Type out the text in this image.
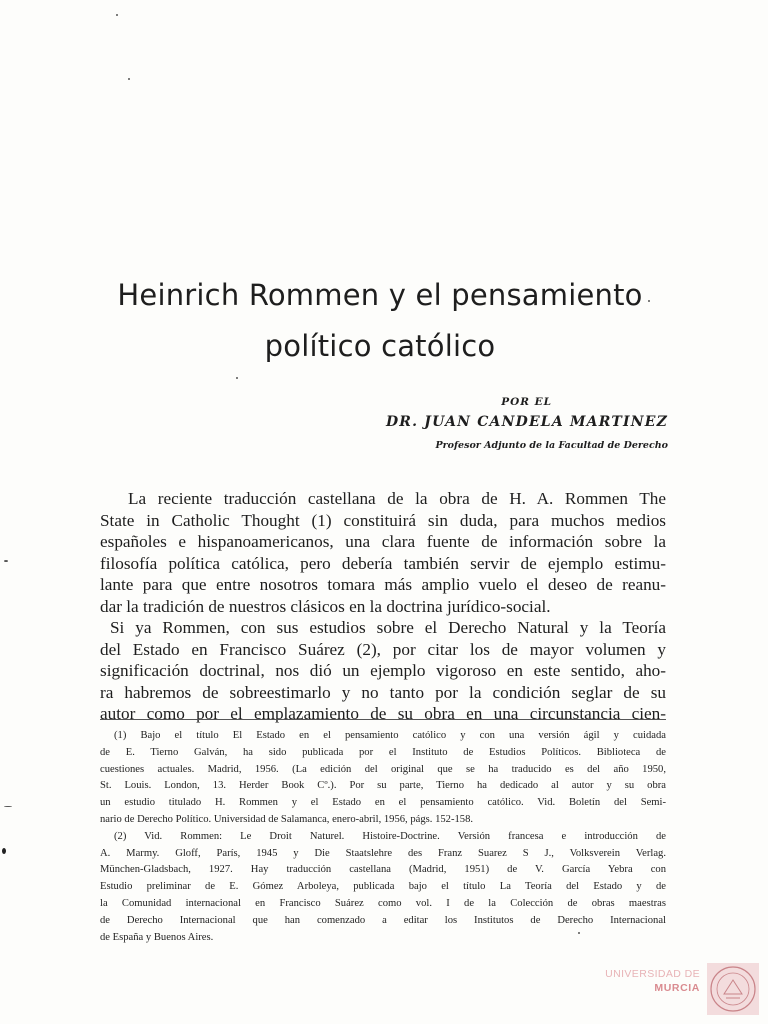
Heinrich Rommen y el pensamiento
político católico
POR EL
DR. JUAN CANDELA MARTINEZ
Profesor Adjunto de la Facultad de Derecho
La reciente traducción castellana de la obra de H. A. Rommen The
State in Catholic Thought (1) constituirá sin duda, para muchos medios
españoles e hispanoamericanos, una clara fuente de información sobre la
filosofía política católica, pero debería también servir de ejemplo estimu-
lante para que entre nosotros tomara más amplio vuelo el deseo de reanu-
dar la tradición de nuestros clásicos en la doctrina jurídico-social.
Si ya Rommen, con sus estudios sobre el Derecho Natural y la Teoría
del Estado en Francisco Suárez (2), por citar los de mayor volumen y
significación doctrinal, nos dió un ejemplo vigoroso en este sentido, aho-
ra habremos de sobreestimarlo y no tanto por la condición seglar de su
autor como por el emplazamiento de su obra en una circunstancia cien-
(1) Bajo el título El Estado en el pensamiento católico y con una versión ágil y cuidada
de E. Tierno Galván, ha sido publicada por el Instituto de Estudios Políticos. Biblioteca de
cuestiones actuales. Madrid, 1956. (La edición del original que se ha traducido es del año 1950,
St. Louis. London, 13. Herder Book Cº.). Por su parte, Tierno ha dedicado al autor y su obra
un estudio titulado H. Rommen y el Estado en el pensamiento católico. Vid. Boletín del Semi-
nario de Derecho Político. Universidad de Salamanca, enero-abril, 1956, págs. 152-158.
(2) Vid. Rommen: Le Droit Naturel. Histoire-Doctrine. Versión francesa e introducción de
A. Marmy. Gloff, París, 1945 y Die Staatslehre des Franz Suarez S J., Volksverein Verlag.
München-Gladsbach, 1927. Hay traducción castellana (Madrid, 1951) de V. García Yebra con
Estudio preliminar de E. Gómez Arboleya, publicada bajo el título La Teoría del Estado y de
la Comunidad internacional en Francisco Suárez como vol. I de la Colección de obras maestras
de Derecho Internacional que han comenzado a editar los Institutos de Derecho Internacional
de España y Buenos Aires.
UNIVERSIDAD DE
MURCIA
